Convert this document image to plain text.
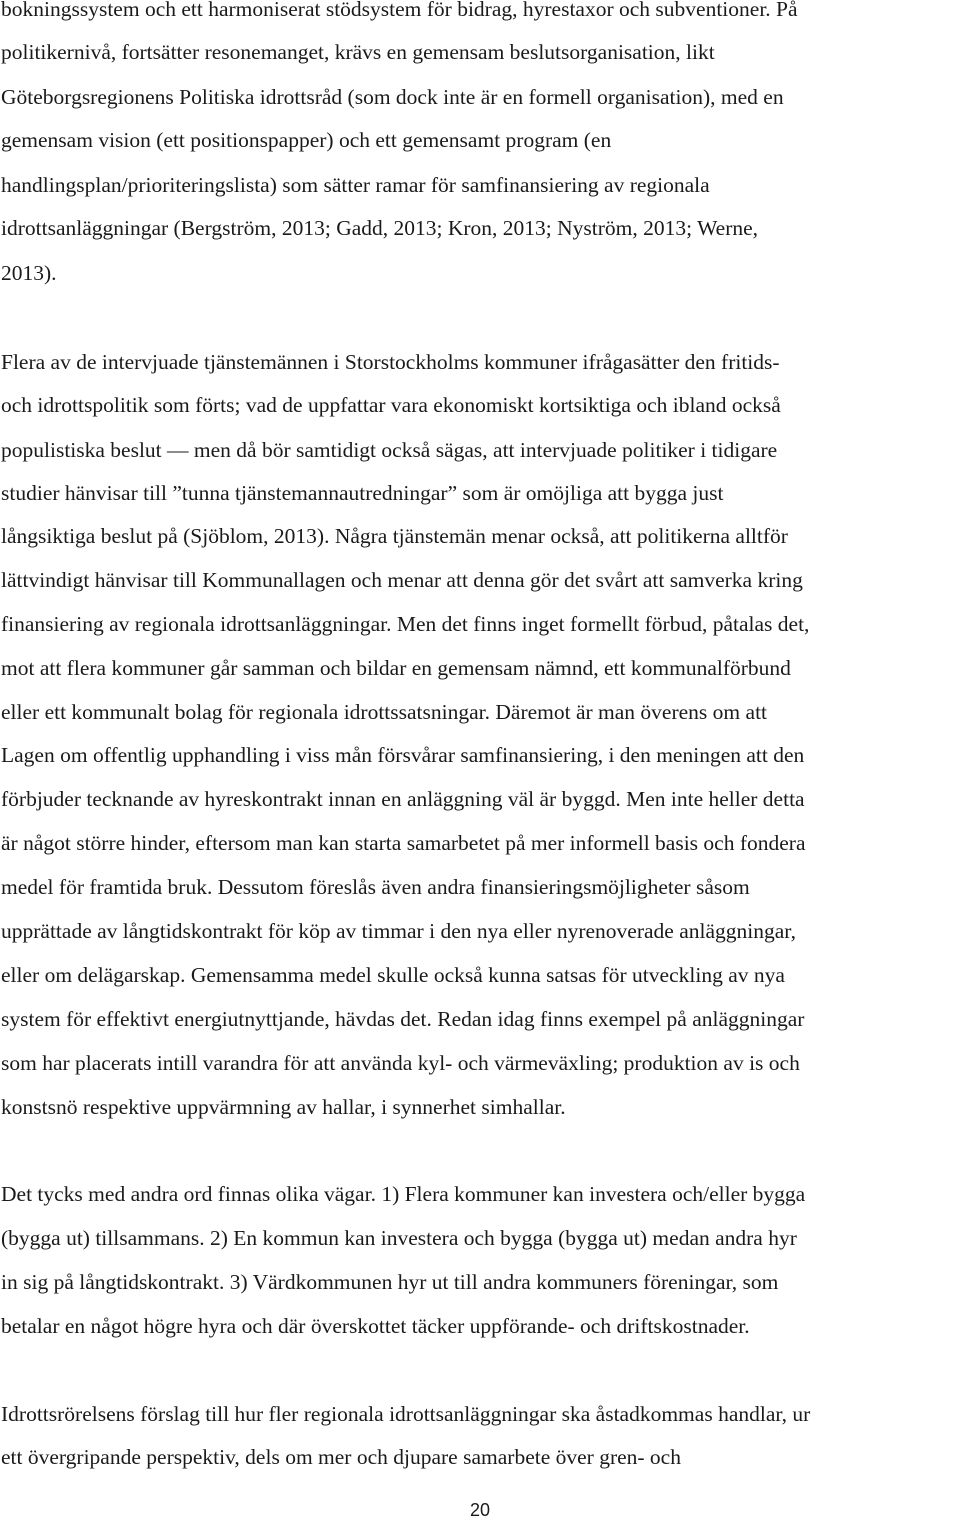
bokningssystem och ett harmoniserat stödsystem för bidrag, hyrestaxor och subventioner. På

politikernivå, fortsätter resonemanget, krävs en gemensam beslutsorganisation, likt

Göteborgsregionens Politiska idrottsråd (som dock inte är en formell organisation), med en

gemensam vision (ett positionspapper) och ett gemensamt program (en

handlingsplan/prioriteringslista) som sätter ramar för samfinansiering av regionala

idrottsanläggningar (Bergström, 2013; Gadd, 2013; Kron, 2013; Nyström, 2013; Werne,

2013).

Flera av de intervjuade tjänstemännen i Storstockholms kommuner ifrågasätter den fritids-

och idrottspolitik som förts; vad de uppfattar vara ekonomiskt kortsiktiga och ibland också

populistiska beslut ― men då bör samtidigt också sägas, att intervjuade politiker i tidigare

studier hänvisar till ”tunna tjänstemannautredningar” som är omöjliga att bygga just

långsiktiga beslut på (Sjöblom, 2013). Några tjänstemän menar också, att politikerna alltför

lättvindigt hänvisar till Kommunallagen och menar att denna gör det svårt att samverka kring

finansiering av regionala idrottsanläggningar. Men det finns inget formellt förbud, påtalas det,

mot att flera kommuner går samman och bildar en gemensam nämnd, ett kommunalförbund

eller ett kommunalt bolag för regionala idrottssatsningar. Däremot är man överens om att

Lagen om offentlig upphandling i viss mån försvårar samfinansiering, i den meningen att den

förbjuder tecknande av hyreskontrakt innan en anläggning väl är byggd. Men inte heller detta

är något större hinder, eftersom man kan starta samarbetet på mer informell basis och fondera

medel för framtida bruk. Dessutom föreslås även andra finansieringsmöjligheter såsom

upprättade av långtidskontrakt för köp av timmar i den nya eller nyrenoverade anläggningar,

eller om delägarskap. Gemensamma medel skulle också kunna satsas för utveckling av nya

system för effektivt energiutnyttjande, hävdas det. Redan idag finns exempel på anläggningar

som har placerats intill varandra för att använda kyl- och värmeväxling; produktion av is och

konstsnö respektive uppvärmning av hallar, i synnerhet simhallar.

Det tycks med andra ord finnas olika vägar. 1) Flera kommuner kan investera och/eller bygga

(bygga ut) tillsammans. 2) En kommun kan investera och bygga (bygga ut) medan andra hyr

in sig på långtidskontrakt. 3) Värdkommunen hyr ut till andra kommuners föreningar, som

betalar en något högre hyra och där överskottet täcker uppförande- och driftskostnader.

Idrottsrörelsens förslag till hur fler regionala idrottsanläggningar ska åstadkommas handlar, ur

ett övergripande perspektiv, dels om mer och djupare samarbete över gren- och

20
